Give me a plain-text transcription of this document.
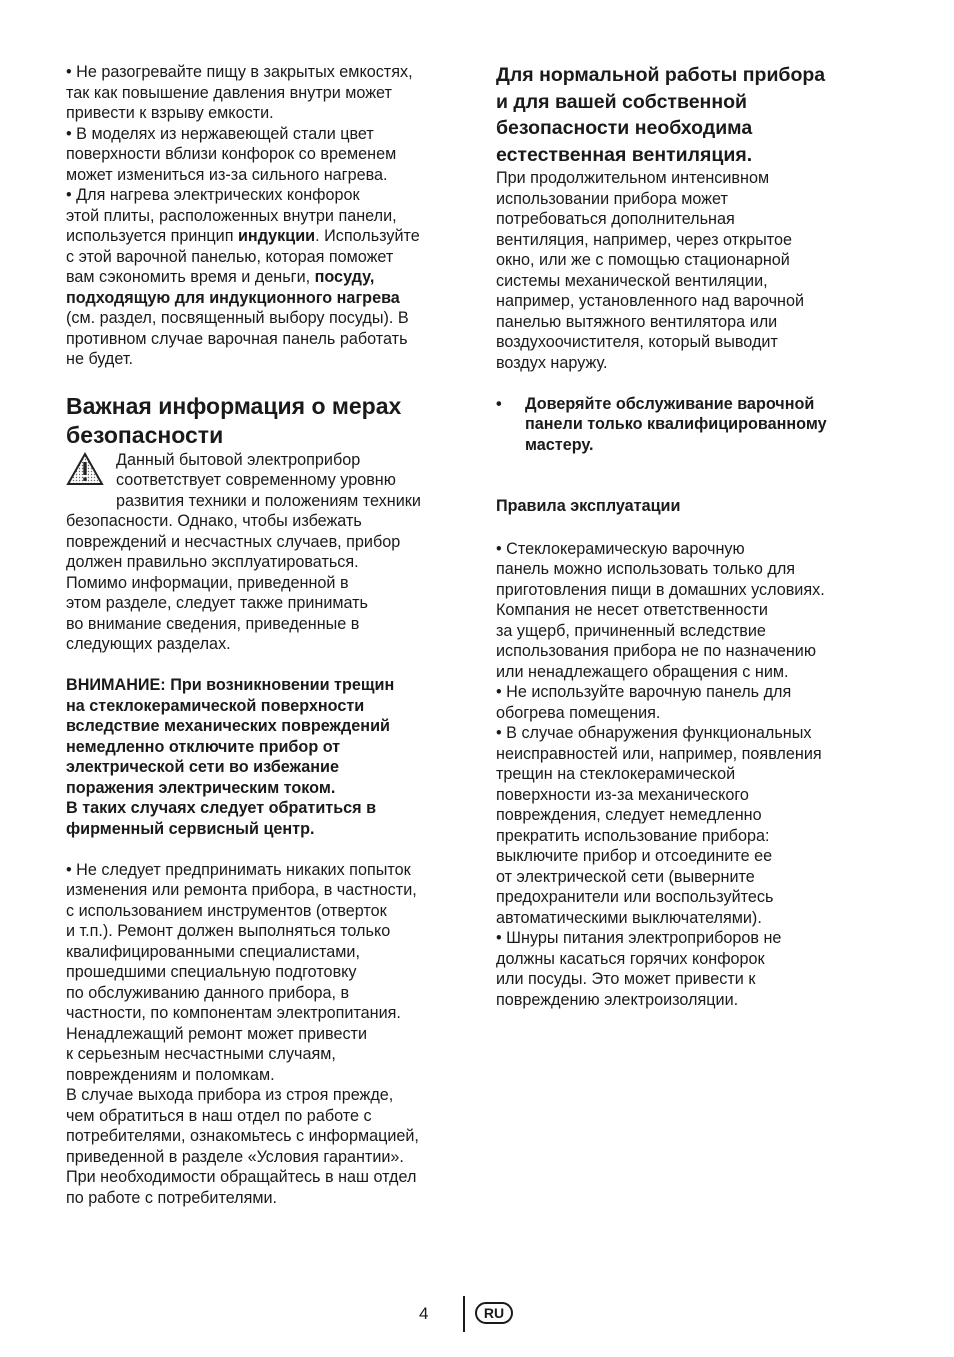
• Не разогревайте пищу в закрытых емкостях,
так как повышение давления внутри может
привести к взрыву емкости.
• В моделях из нержавеющей стали цвет
поверхности вблизи конфорок со временем
может измениться из-за сильного нагрева.
• Для нагрева электрических конфорок
этой плиты, расположенных внутри панели,
используется принцип индукции. Используйте
с этой варочной панелью, которая поможет
вам сэкономить время и деньги, посуду,
подходящую для индукционного нагрева
(см. раздел, посвященный выбору посуды). В
противном случае варочная панель работать
не будет.

Важная информация о мерах
безопасности

Данный бытовой электроприбор
соответствует современному уровню
развития техники и положениям техники

безопасности. Однако, чтобы избежать
повреждений и несчастных случаев, прибор
должен правильно эксплуатироваться.
Помимо информации, приведенной в
этом разделе, следует также принимать
во внимание сведения, приведенные в
следующих разделах.

ВНИМАНИЕ: При возникновении трещин
на стеклокерамической поверхности
вследствие механических повреждений
немедленно отключите прибор от
электрической сети во избежание
поражения электрическим током.
В таких случаях следует обратиться в
фирменный сервисный центр.

• Не следует предпринимать никаких попыток
изменения или ремонта прибора, в частности,
с использованием инструментов (отверток
и т.п.). Ремонт должен выполняться только
квалифицированными специалистами,
прошедшими специальную подготовку
по обслуживанию данного прибора, в
частности, по компонентам электропитания.
Ненадлежащий ремонт может привести
к серьезным несчастными случаям,
повреждениям и поломкам.
В случае выхода прибора из строя прежде,
чем обратиться в наш отдел по работе с
потребителями, ознакомьтесь с информацией,
приведенной в разделе «Условия гарантии».
При необходимости обращайтесь в наш отдел
по работе с потребителями.

Для нормальной работы прибора
и для вашей собственной
безопасности необходима
естественная вентиляция.

При продолжительном интенсивном
использовании прибора может
потребоваться дополнительная
вентиляция, например, через открытое
окно, или же с помощью стационарной
системы механической вентиляции,
например, установленного над варочной
панелью вытяжного вентилятора или
воздухоочистителя, который выводит
воздух наружу.

•	Доверяйте обслуживание варочной
панели только квалифицированному
мастеру.

Правила эксплуатации

• Стеклокерамическую варочную
панель можно использовать только для
приготовления пищи в домашних условиях.
Компания не несет ответственности
за ущерб, причиненный вследствие
использования прибора не по назначению
или ненадлежащего обращения с ним.
• Не используйте варочную панель для
обогрева помещения.
• В случае обнаружения функциональных
неисправностей или, например, появления
трещин на стеклокерамической
поверхности из-за механического
повреждения, следует немедленно
прекратить использование прибора:
выключите прибор и отсоедините ее
от электрической сети (выверните
предохранители или воспользуйтесь
автоматическими выключателями).
• Шнуры питания электроприборов не
должны касаться горячих конфорок
или посуды. Это может привести к
повреждению электроизоляции.

4	RU
